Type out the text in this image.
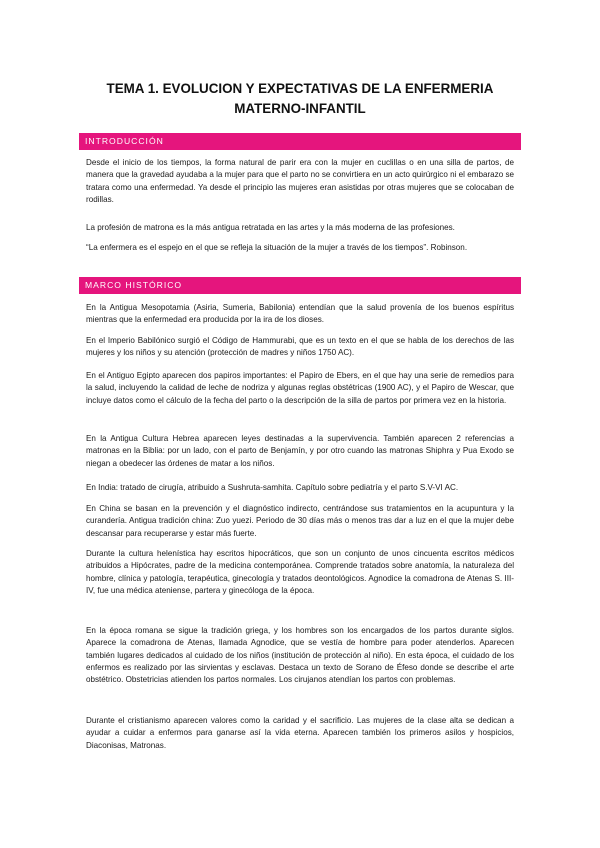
TEMA 1. EVOLUCION Y EXPECTATIVAS DE LA ENFERMERIA
MATERNO-INFANTIL
INTRODUCCIÓN

Desde el inicio de los tiempos, la forma natural de parir era con la mujer en cuclillas o en una silla de partos, de manera que la gravedad ayudaba a la mujer para que el parto no se convirtiera en un acto quirúrgico ni el embarazo se tratara como una enfermedad. Ya desde el principio las mujeres eran asistidas por otras mujeres que se colocaban de rodillas.

La profesión de matrona es la más antigua retratada en las artes y la más moderna de las profesiones.

“La enfermera es el espejo en el que se refleja la situación de la mujer a través de los tiempos”. Robinson.

MARCO HISTÓRICO

En la Antigua Mesopotamia (Asiria, Sumeria, Babilonia) entendían que la salud provenía de los buenos espíritus mientras que la enfermedad era producida por la ira de los dioses.

En el Imperio Babilónico surgió el Código de Hammurabi, que es un texto en el que se habla de los derechos de las mujeres y los niños y su atención (protección de madres y niños 1750 AC).

En el Antiguo Egipto aparecen dos papiros importantes: el Papiro de Ebers, en el que hay una serie de remedios para la salud, incluyendo la calidad de leche de nodriza y algunas reglas obstétricas (1900 AC), y el Papiro de Wescar, que incluye datos como el cálculo de la fecha del parto o la descripción de la silla de partos por primera vez en la historia.

En la Antigua Cultura Hebrea aparecen leyes destinadas a la supervivencia. También aparecen 2 referencias a matronas en la Biblia: por un lado, con el parto de Benjamín, y por otro cuando las matronas Shiphra y Pua Exodo se niegan a obedecer las órdenes de matar a los niños.

En India: tratado de cirugía, atribuido a Sushruta-samhita. Capítulo sobre pediatría y el parto S.V-VI AC.

En China se basan en la prevención y el diagnóstico indirecto, centrándose sus tratamientos en la acupuntura y la curandería. Antigua tradición china: Zuo yuezi. Periodo de 30 días más o menos tras dar a luz en el que la mujer debe descansar para recuperarse y estar más fuerte.

Durante la cultura helenística hay escritos hipocráticos, que son un conjunto de unos cincuenta escritos médicos atribuidos a Hipócrates, padre de la medicina contemporánea. Comprende tratados sobre anatomía, la naturaleza del hombre, clínica y patología, terapéutica, ginecología y tratados deontológicos. Agnodice la comadrona de Atenas S. III-IV, fue una médica ateniense, partera y ginecóloga de la época.

En la época romana se sigue la tradición griega, y los hombres son los encargados de los partos durante siglos. Aparece la comadrona de Atenas, llamada Agnodice, que se vestía de hombre para poder atenderlos. Aparecen también lugares dedicados al cuidado de los niños (institución de protección al niño). En esta época, el cuidado de los enfermos es realizado por las sirvientas y esclavas. Destaca un texto de Sorano de Éfeso donde se describe el arte obstétrico. Obstetricias atienden los partos normales. Los cirujanos atendían los partos con problemas.

Durante el cristianismo aparecen valores como la caridad y el sacrificio. Las mujeres de la clase alta se dedican a ayudar a cuidar a enfermos para ganarse así la vida eterna. Aparecen también los primeros asilos y hospicios, Diaconisas, Matronas.
